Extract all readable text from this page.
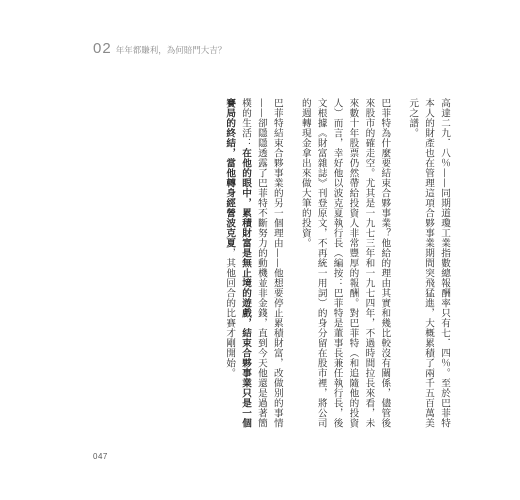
02 年年都賺利，為何賠門大吉？

高達二九．八％——同期道瓊工業指數總報酬率只有七．四％。至於巴菲特本人的財產也在管理這項合夥事業期間突飛猛進，大概累積了兩千五百萬美元之譜。

巴菲特為什麼要結束合夥事業？他給的理由其實和幾比較沒有關係，儘管後來股市的確走空。尤其是一九七三年和一九七四年，不過時間拉長來看，未來數十年股票仍然帶給投資人非常豐厚的報酬。對巴菲特（和追隨他的投資人）而言，幸好他以波克夏執行長（編按：巴菲特是董事長兼任執行長，後文根據《財富雜誌》刊登原文，不再統一用詞）的身分留在股市裡，將公司的週轉現金拿出來做大筆的投資。

巴菲特結束合夥事業的另一個理由——他想要停止累積財富，改做別的事情——卻隱隱透露了巴菲特不斷努力的動機並非金錢，直到今天他還是過著簡樸的生活：在他的眼中，累積財富是無止境的遊戲，結束合夥事業只是一個賽局的終結，當他轉身經營波克夏，其他回合的比賽才剛開始。

047
